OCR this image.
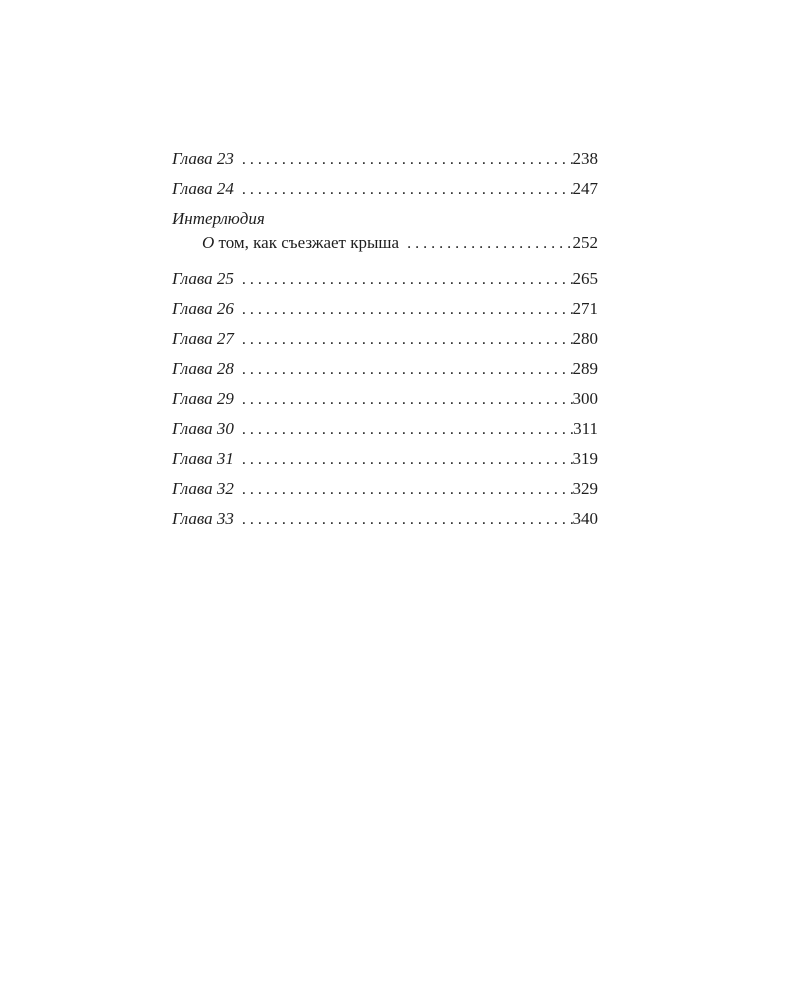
Глава 23 . . .	238
Глава 24 . . .	247
Интерлюдия
О том, как съезжает крыша . . .	252
Глава 25 . . .	265
Глава 26 . . .	271
Глава 27 . . .	280
Глава 28 . . .	289
Глава 29 . . .	300
Глава 30 . . .	311
Глава 31 . . .	319
Глава 32 . . .	329
Глава 33 . . .	340
